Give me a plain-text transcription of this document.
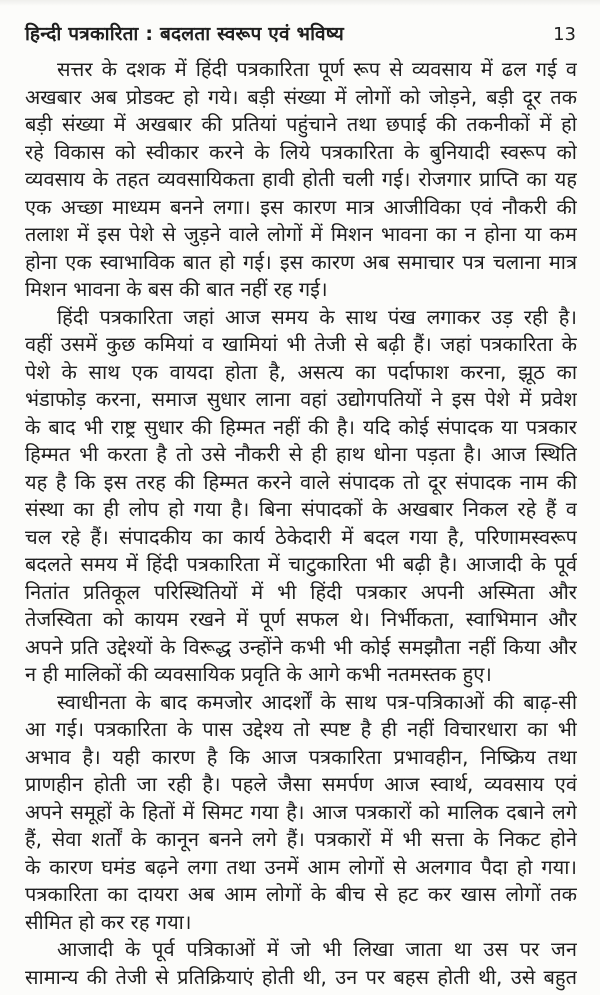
हिन्दी पत्रकारिता : बदलता स्वरूप एवं भविष्य	13
सत्तर के दशक में हिंदी पत्रकारिता पूर्ण रूप से व्यवसाय में ढल गई व
अखबार अब प्रोडक्ट हो गये। बड़ी संख्या में लोगों को जोड़ने, बड़ी दूर तक
बड़ी संख्या में अखबार की प्रतियां पहुंचाने तथा छपाई की तकनीकों में हो
रहे विकास को स्वीकार करने के लिये पत्रकारिता के बुनियादी स्वरूप को
व्यवसाय के तहत व्यवसायिकता हावी होती चली गई। रोजगार प्राप्ति का यह
एक अच्छा माध्यम बनने लगा। इस कारण मात्र आजीविका एवं नौकरी की
तलाश में इस पेशे से जुड़ने वाले लोगों में मिशन भावना का न होना या कम
होना एक स्वाभाविक बात हो गई। इस कारण अब समाचार पत्र चलाना मात्र
मिशन भावना के बस की बात नहीं रह गई।
हिंदी पत्रकारिता जहां आज समय के साथ पंख लगाकर उड़ रही है।
वहीं उसमें कुछ कमियां व खामियां भी तेजी से बढ़ी हैं। जहां पत्रकारिता के
पेशे के साथ एक वायदा होता है, असत्य का पर्दाफाश करना, झूठ का
भंडाफोड़ करना, समाज सुधार लाना वहां उद्योगपतियों ने इस पेशे में प्रवेश
के बाद भी राष्ट्र सुधार की हिम्मत नहीं की है। यदि कोई संपादक या पत्रकार
हिम्मत भी करता है तो उसे नौकरी से ही हाथ धोना पड़ता है। आज स्थिति
यह है कि इस तरह की हिम्मत करने वाले संपादक तो दूर संपादक नाम की
संस्था का ही लोप हो गया है। बिना संपादकों के अखबार निकल रहे हैं व
चल रहे हैं। संपादकीय का कार्य ठेकेदारी में बदल गया है, परिणामस्वरूप
बदलते समय में हिंदी पत्रकारिता में चाटुकारिता भी बढ़ी है। आजादी के पूर्व
नितांत प्रतिकूल परिस्थितियों में भी हिंदी पत्रकार अपनी अस्मिता और
तेजस्विता को कायम रखने में पूर्ण सफल थे। निर्भीकता, स्वाभिमान और
अपने प्रति उद्देश्यों के विरूद्ध उन्होंने कभी भी कोई समझौता नहीं किया और
न ही मालिकों की व्यवसायिक प्रवृति के आगे कभी नतमस्तक हुए।
स्वाधीनता के बाद कमजोर आदर्शों के साथ पत्र-पत्रिकाओं की बाढ़-सी
आ गई। पत्रकारिता के पास उद्देश्य तो स्पष्ट है ही नहीं विचारधारा का भी
अभाव है। यही कारण है कि आज पत्रकारिता प्रभावहीन, निष्क्रिय तथा
प्राणहीन होती जा रही है। पहले जैसा समर्पण आज स्वार्थ, व्यवसाय एवं
अपने समूहों के हितों में सिमट गया है। आज पत्रकारों को मालिक दबाने लगे
हैं, सेवा शर्तों के कानून बनने लगे हैं। पत्रकारों में भी सत्ता के निकट होने
के कारण घमंड बढ़ने लगा तथा उनमें आम लोगों से अलगाव पैदा हो गया।
पत्रकारिता का दायरा अब आम लोगों के बीच से हट कर खास लोगों तक
सीमित हो कर रह गया।
आजादी के पूर्व पत्रिकाओं में जो भी लिखा जाता था उस पर जन
सामान्य की तेजी से प्रतिक्रियाएं होती थी, उन पर बहस होती थी, उसे बहुत
